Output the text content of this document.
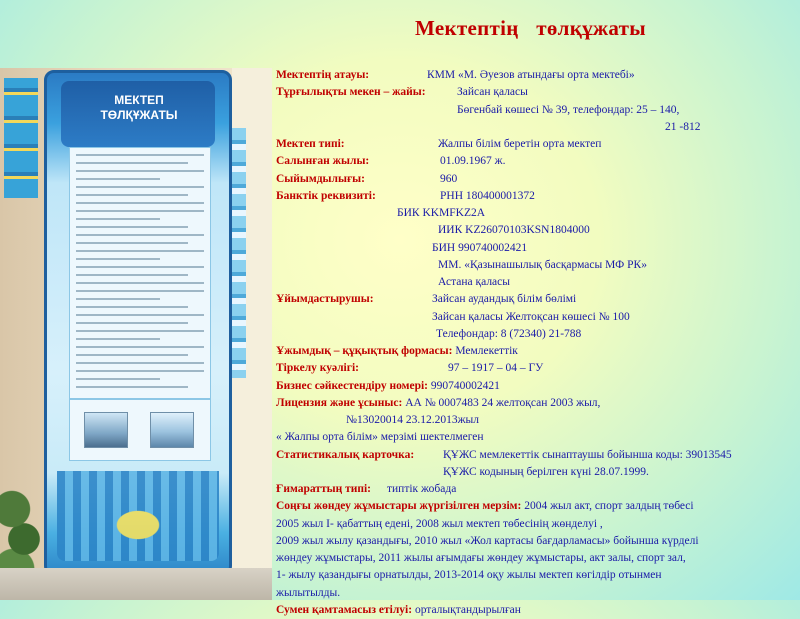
Мектептің төлқұжаты
МЕКТЕП
ТӨЛҚҰЖАТЫ
Мектептің атауы:	КММ «М. Әуезов атындағы орта мектебі»
Тұрғылықты мекен – жайы:	Зайсан қаласы
Бөгенбай көшесі № 39, телефондар: 25 – 140,
21 -812
Мектеп типі:	Жалпы білім беретін орта мектеп
Салынған жылы:	01.09.1967 ж.
Сыйымдылығы:	960
Банктік реквизиті:	РНН 180400001372
БИК KKMFKZ2A
ИИК KZ26070103KSN1804000
БИН 990740002421
ММ. «Қазынашылық басқармасы МФ РК»
Астана қаласы
Ұйымдастырушы:	Зайсан аудандық білім бөлімі
Зайсан қаласы Желтоқсан көшесі № 100
Телефондар: 8 (72340) 21-788
Ұжымдық – құқықтық формасы: Мемлекеттік
Тіркелу куәлігі:	97 – 1917 – 04 – ГУ
Бизнес сәйкестендіру номері: 990740002421
Лицензия және ұсыныс: АА № 0007483 24 желтоқсан 2003 жыл,
№13020014 23.12.2013жыл
« Жалпы орта білім» мерзімі шектелмеген
Статистикалық карточка:	ҚҰЖС мемлекеттік сынаптаушы бойынша коды: 39013545
ҚҰЖС кодының берілген күні 28.07.1999.
Ғимараттың типі: типтік жобада
Соңғы жөндеу жұмыстары жүргізілген мерзім: 2004 жыл акт, спорт залдың төбесі
2005 жыл І- қабаттың едені, 2008 жыл мектеп төбесінің жөнделуі ,
2009 жыл жылу қазандығы, 2010 жыл «Жол картасы бағдарламасы» бойынша күрделі
жөндеу жұмыстары, 2011 жылы ағымдағы жөндеу жұмыстары, акт залы, спорт зал,
1- жылу қазандығы орнатылды, 2013-2014 оқу жылы мектеп көгілдір отынмен
жылытылды.
Сумен қамтамасыз етілуі: орталықтандырылған
